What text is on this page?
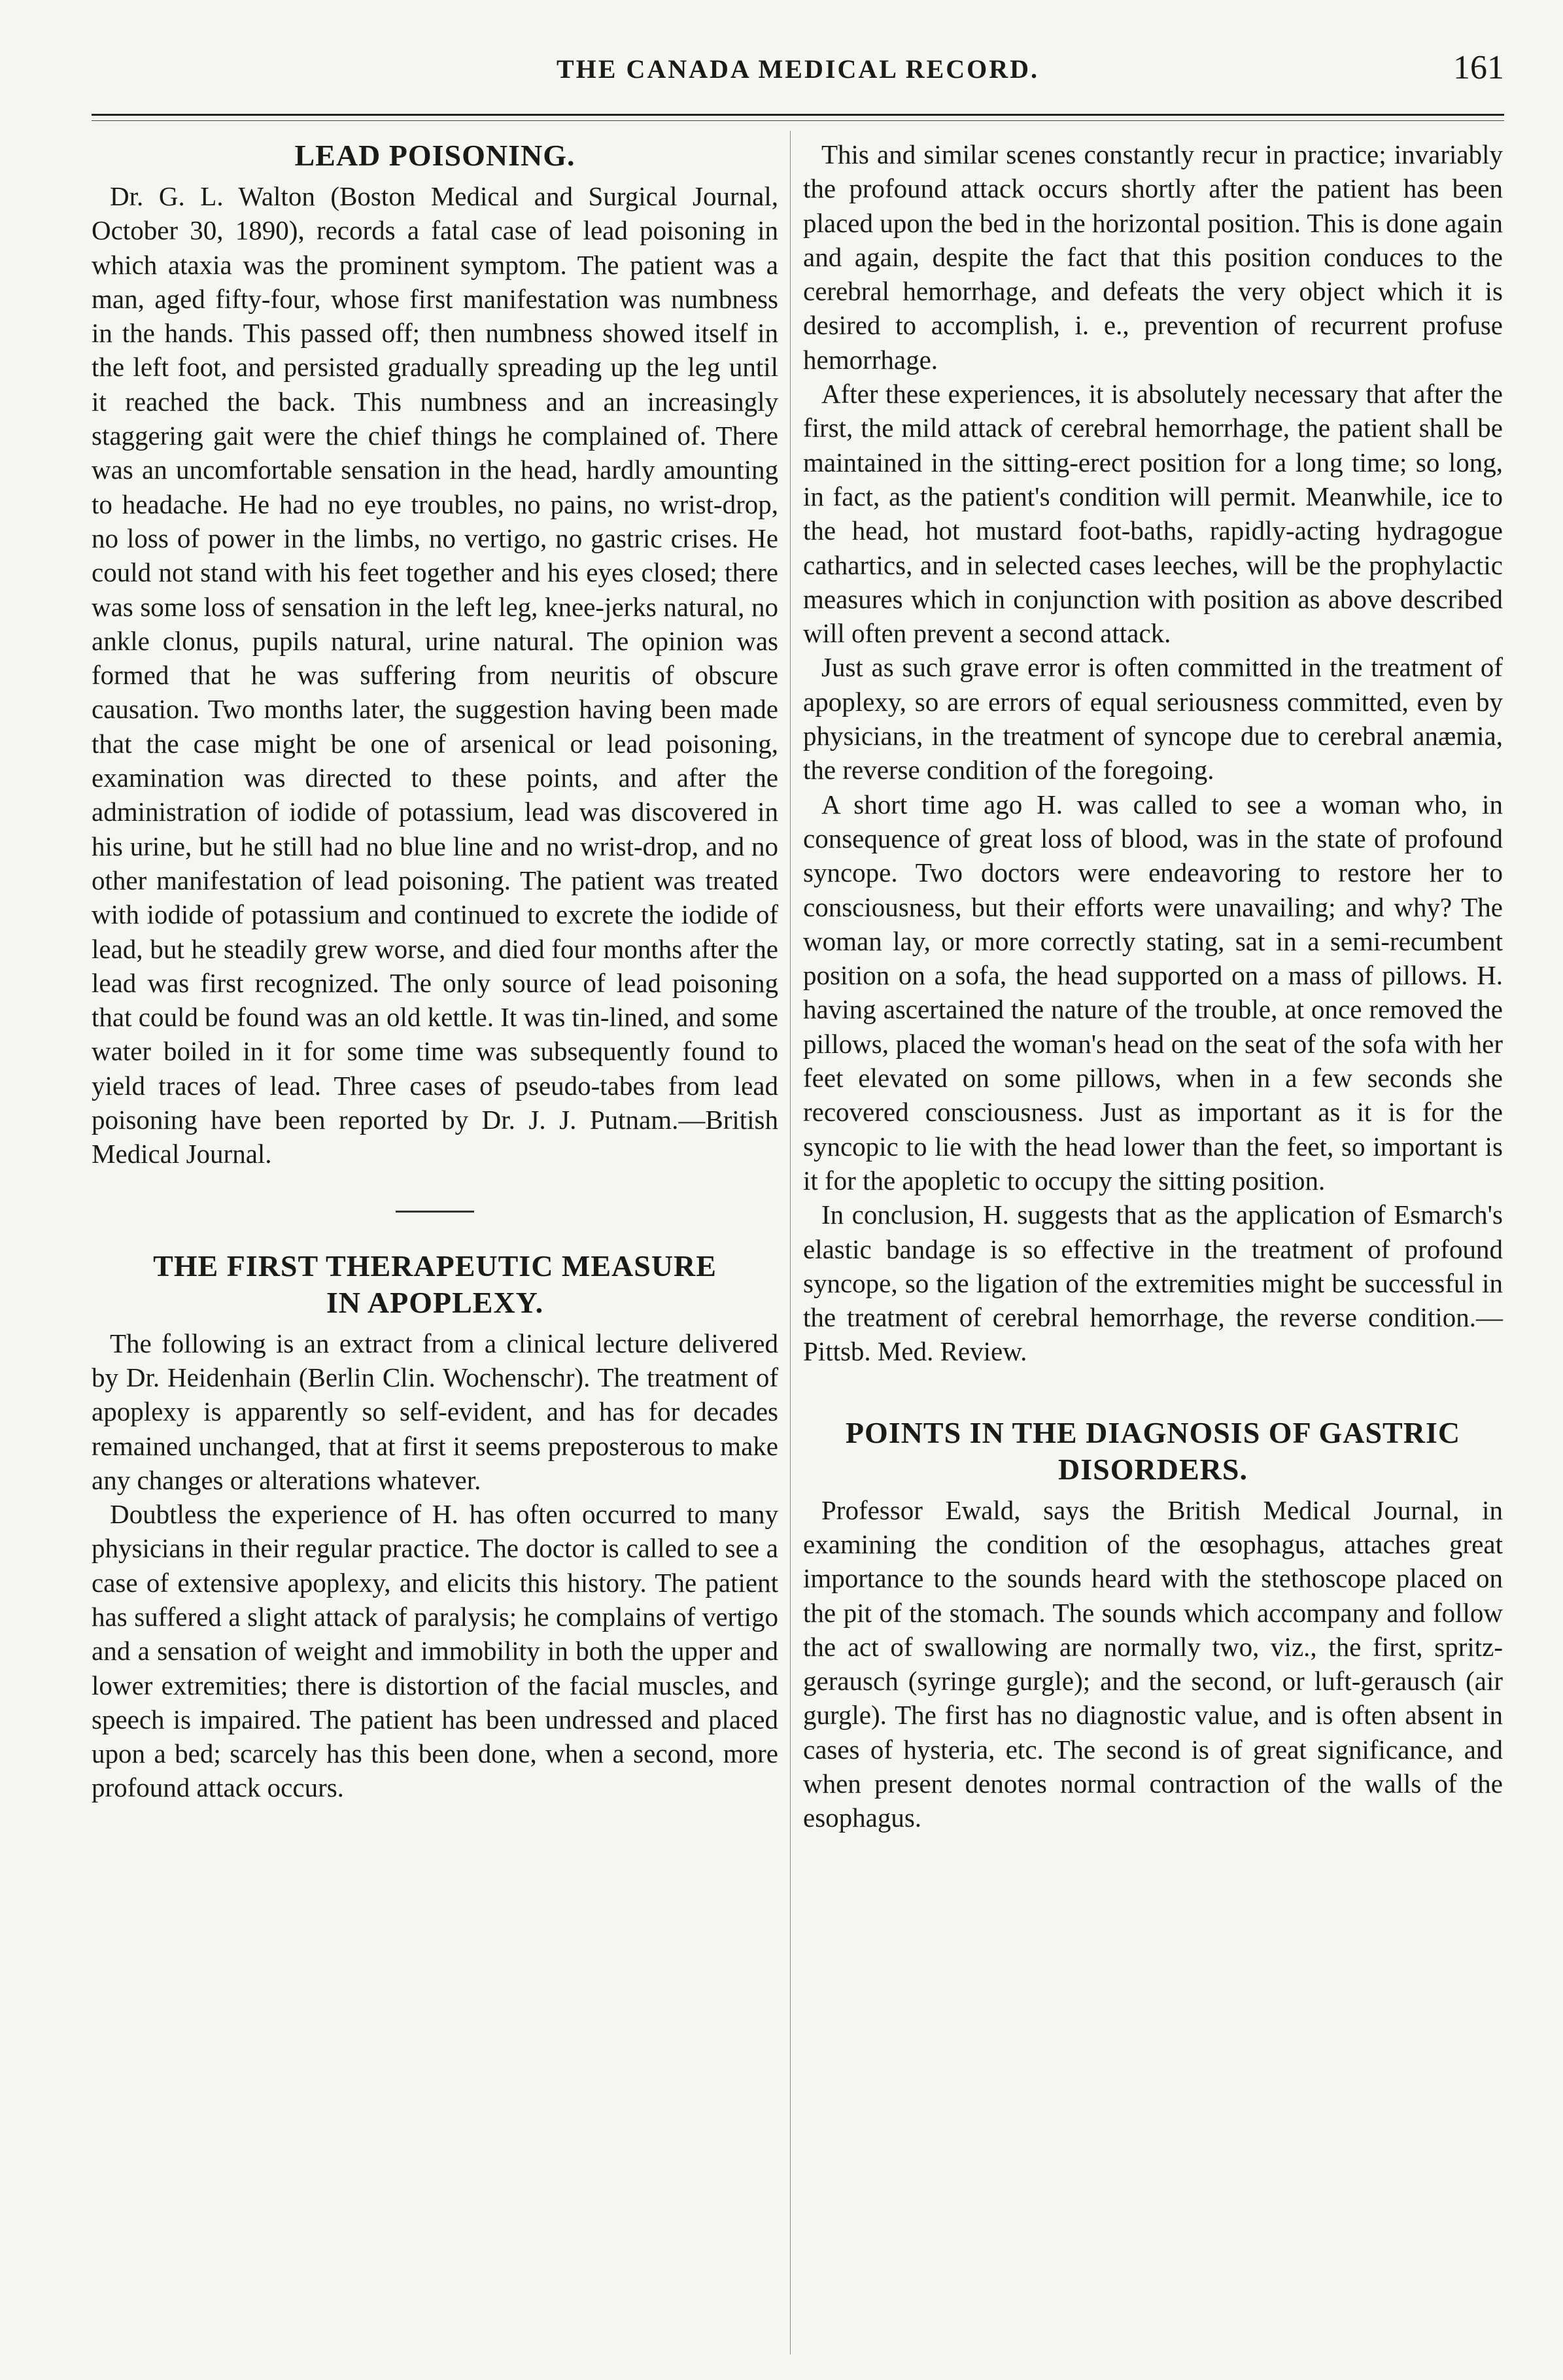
THE CANADA MEDICAL RECORD.	161
LEAD POISONING.

Dr. G. L. Walton (Boston Medical and Surgical Journal, October 30, 1890), records a fatal case of lead poisoning in which ataxia was the prominent symptom. The patient was a man, aged fifty-four, whose first manifestation was numbness in the hands. This passed off; then numbness showed itself in the left foot, and persisted gradually spreading up the leg until it reached the back. This numbness and an increasingly staggering gait were the chief things he complained of. There was an uncomfortable sensation in the head, hardly amounting to headache. He had no eye troubles, no pains, no wrist-drop, no loss of power in the limbs, no vertigo, no gastric crises. He could not stand with his feet together and his eyes closed; there was some loss of sensation in the left leg, knee-jerks natural, no ankle clonus, pupils natural, urine natural. The opinion was formed that he was suffering from neuritis of obscure causation. Two months later, the suggestion having been made that the case might be one of arsenical or lead poisoning, examination was directed to these points, and after the administration of iodide of potassium, lead was discovered in his urine, but he still had no blue line and no wrist-drop, and no other manifestation of lead poisoning. The patient was treated with iodide of potassium and continued to excrete the iodide of lead, but he steadily grew worse, and died four months after the lead was first recognized. The only source of lead poisoning that could be found was an old kettle. It was tin-lined, and some water boiled in it for some time was subsequently found to yield traces of lead. Three cases of pseudo-tabes from lead poisoning have been reported by Dr. J. J. Putnam.—British Medical Journal.

THE FIRST THERAPEUTIC MEASURE
IN APOPLEXY.

The following is an extract from a clinical lecture delivered by Dr. Heidenhain (Berlin Clin. Wochenschr). The treatment of apoplexy is apparently so self-evident, and has for decades remained unchanged, that at first it seems preposterous to make any changes or alterations whatever.

Doubtless the experience of H. has often occurred to many physicians in their regular practice. The doctor is called to see a case of extensive apoplexy, and elicits this history. The patient has suffered a slight attack of paralysis; he complains of vertigo and a sensation of weight and immobility in both the upper and lower extremities; there is distortion of the facial muscles, and speech is impaired. The patient has been undressed and placed upon a bed; scarcely has this been done, when a second, more profound attack occurs.

This and similar scenes constantly recur in practice; invariably the profound attack occurs shortly after the patient has been placed upon the bed in the horizontal position. This is done again and again, despite the fact that this position conduces to the cerebral hemorrhage, and defeats the very object which it is desired to accomplish, i. e., prevention of recurrent profuse hemorrhage.

After these experiences, it is absolutely necessary that after the first, the mild attack of cerebral hemorrhage, the patient shall be maintained in the sitting-erect position for a long time; so long, in fact, as the patient's condition will permit. Meanwhile, ice to the head, hot mustard foot-baths, rapidly-acting hydragogue cathartics, and in selected cases leeches, will be the prophylactic measures which in conjunction with position as above described will often prevent a second attack.

Just as such grave error is often committed in the treatment of apoplexy, so are errors of equal seriousness committed, even by physicians, in the treatment of syncope due to cerebral anæmia, the reverse condition of the foregoing.

A short time ago H. was called to see a woman who, in consequence of great loss of blood, was in the state of profound syncope. Two doctors were endeavoring to restore her to consciousness, but their efforts were unavailing; and why? The woman lay, or more correctly stating, sat in a semi-recumbent position on a sofa, the head supported on a mass of pillows. H. having ascertained the nature of the trouble, at once removed the pillows, placed the woman's head on the seat of the sofa with her feet elevated on some pillows, when in a few seconds she recovered consciousness. Just as important as it is for the syncopic to lie with the head lower than the feet, so important is it for the apopletic to occupy the sitting position.

In conclusion, H. suggests that as the application of Esmarch's elastic bandage is so effective in the treatment of profound syncope, so the ligation of the extremities might be successful in the treatment of cerebral hemorrhage, the reverse condition.—Pittsb. Med. Review.

POINTS IN THE DIAGNOSIS OF GASTRIC
DISORDERS.

Professor Ewald, says the British Medical Journal, in examining the condition of the œsophagus, attaches great importance to the sounds heard with the stethoscope placed on the pit of the stomach. The sounds which accompany and follow the act of swallowing are normally two, viz., the first, spritz-gerausch (syringe gurgle); and the second, or luft-gerausch (air gurgle). The first has no diagnostic value, and is often absent in cases of hysteria, etc. The second is of great significance, and when present denotes normal contraction of the walls of the esophagus.
